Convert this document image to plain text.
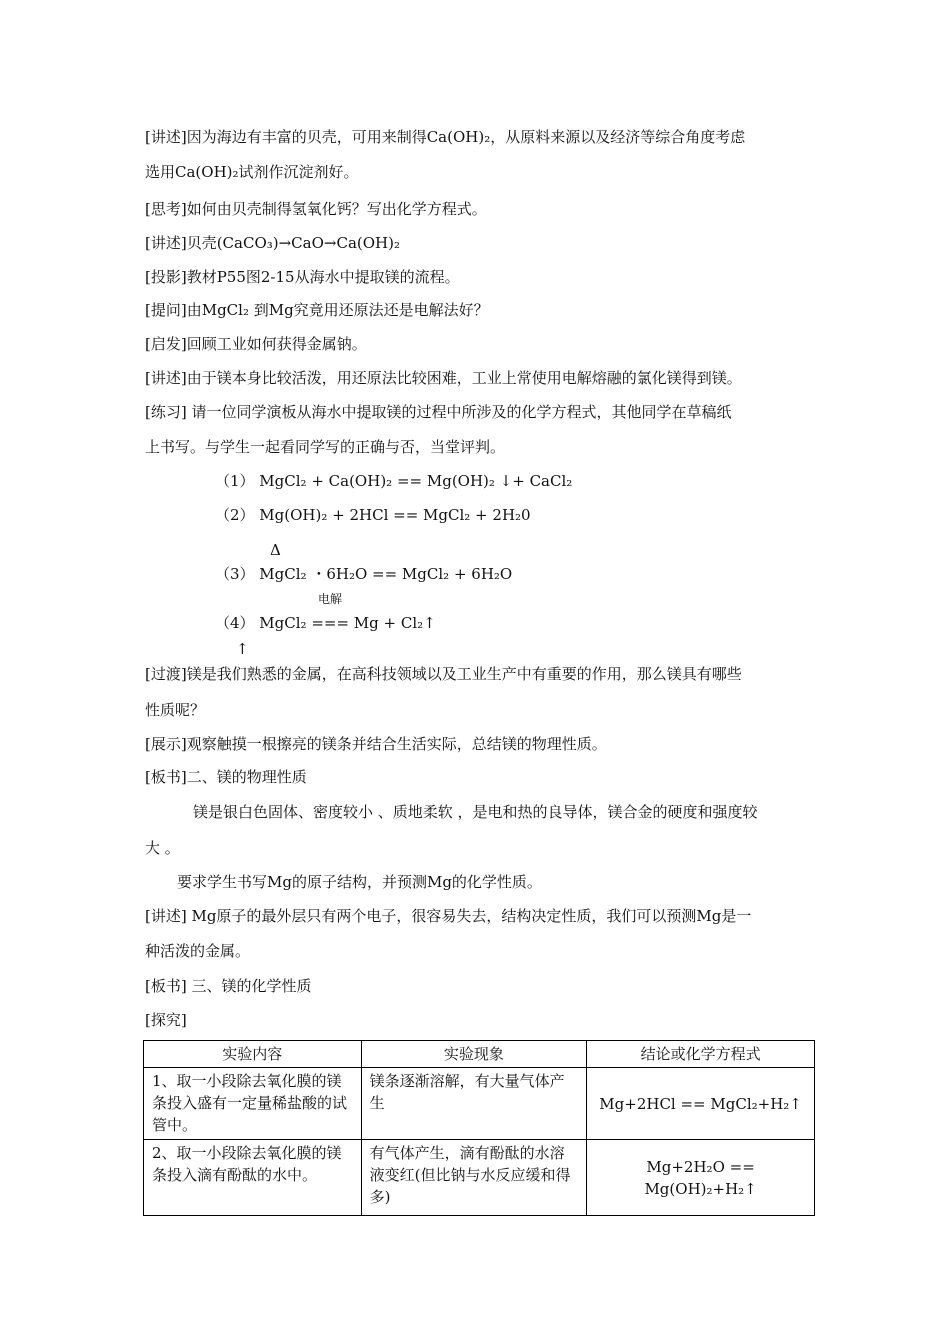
[讲述]因为海边有丰富的贝壳，可用来制得Ca(OH)₂，从原料来源以及经济等综合角度考虑
选用Ca(OH)₂试剂作沉淀剂好。
[思考]如何由贝壳制得氢氧化钙？写出化学方程式。
[讲述]贝壳(CaCO₃)→CaO→Ca(OH)₂
[投影]教材P55图2-15从海水中提取镁的流程。
[提问]由MgCl₂ 到Mg究竟用还原法还是电解法好？
[启发]回顾工业如何获得金属钠。
[讲述]由于镁本身比较活泼，用还原法比较困难，工业上常使用电解熔融的氯化镁得到镁。
[练习] 请一位同学演板从海水中提取镁的过程中所涉及的化学方程式，其他同学在草稿纸
上书写。与学生一起看同学写的正确与否，当堂评判。
（1） MgCl₂ + Ca(OH)₂ == Mg(OH)₂ ↓+ CaCl₂
（2） Mg(OH)₂ + 2HCl == MgCl₂ + 2H₂0
Δ
（3） MgCl₂ ・6H₂O == MgCl₂ + 6H₂O
电解
（4） MgCl₂ === Mg + Cl₂↑
↑
[过渡]镁是我们熟悉的金属，在高科技领域以及工业生产中有重要的作用，那么镁具有哪些
性质呢？
[展示]观察触摸一根擦亮的镁条并结合生活实际，总结镁的物理性质。
[板书]二、镁的物理性质
镁是银白色固体、密度较小 、质地柔软 ，是电和热的良导体，镁合金的硬度和强度较
大 。
要求学生书写Mg的原子结构，并预测Mg的化学性质。
[讲述] Mg原子的最外层只有两个电子，很容易失去，结构决定性质，我们可以预测Mg是一
种活泼的金属。
[板书] 三、镁的化学性质
[探究]
实验内容	实验现象	结论或化学方程式
1、取一小段除去氧化膜的镁条投入盛有一定量稀盐酸的试管中。	镁条逐渐溶解，有大量气体产生	Mg+2HCl == MgCl₂+H₂↑
2、取一小段除去氧化膜的镁条投入滴有酚酞的水中。	有气体产生，滴有酚酞的水溶液变红(但比钠与水反应缓和得多)	Mg+2H₂O == Mg(OH)₂+H₂↑
